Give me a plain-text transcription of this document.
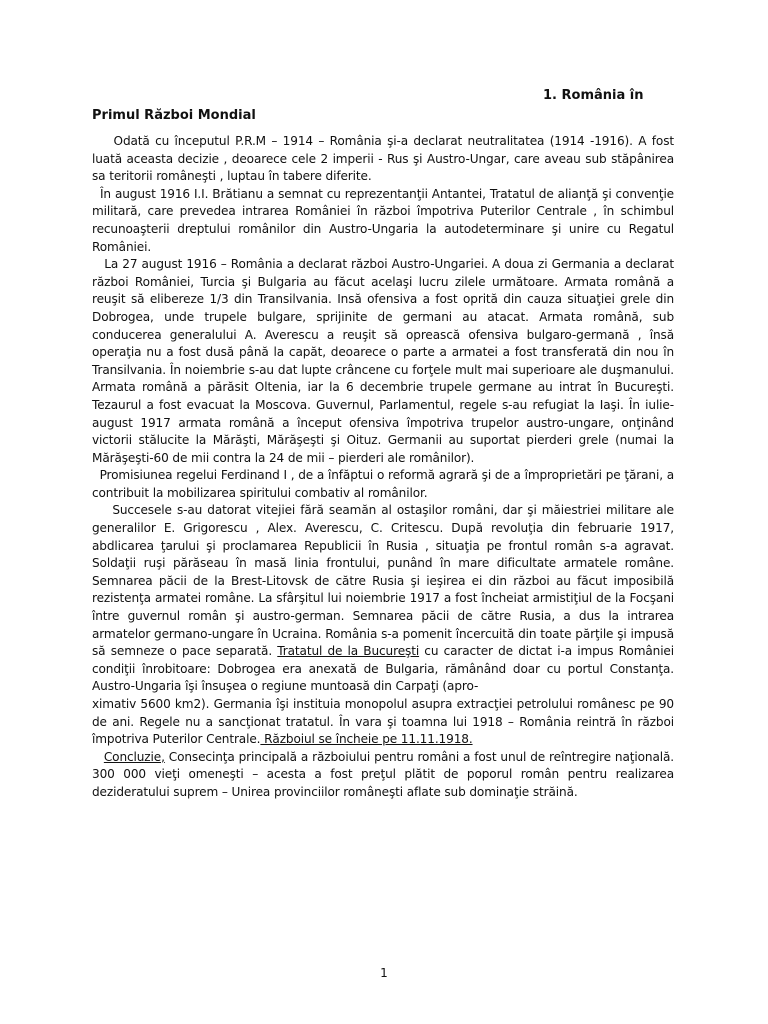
1. România în
Primul Război Mondial

Odată cu începutul P.R.M – 1914 – România şi-a declarat neutralitatea (1914 -1916). A fost luată aceasta decizie , deoarece cele 2 imperii - Rus şi Austro-Ungar, care aveau sub stăpânirea sa teritorii româneşti , luptau în tabere diferite.

În august 1916 I.I. Brătianu a semnat cu reprezentanţii Antantei, Tratatul de alianţă şi convenţie militară, care prevedea intrarea României în război împotriva Puterilor Centrale , în schimbul recunoaşterii dreptului românilor din Austro-Ungaria la autodeterminare şi unire cu Regatul României.

La 27 august 1916 – România a declarat război Austro-Ungariei. A doua zi Germania a declarat război României, Turcia şi Bulgaria au făcut acelaşi lucru zilele următoare. Armata română a reuşit să elibereze 1/3 din Transilvania. Insă ofensiva a fost oprită din cauza situaţiei grele din Dobrogea, unde trupele bulgare, sprijinite de germani au atacat. Armata română, sub conducerea generalului A. Averescu a reuşit să oprească ofensiva bulgaro-germană , însă operaţia nu a fost dusă până la capăt, deoarece o parte a armatei a fost transferată din nou în Transilvania. În noiembrie s-au dat lupte crâncene cu forţele mult mai superioare ale duşmanului. Armata română a părăsit Oltenia, iar la 6 decembrie trupele germane au intrat în Bucureşti. Tezaurul a fost evacuat la Moscova. Guvernul, Parlamentul, regele s-au refugiat la Iaşi. În iulie-august 1917 armata română a început ofensiva împotriva trupelor austro-ungare, onţinând victorii stălucite la Mărăşti, Mărăşeşti şi Oituz. Germanii au suportat pierderi grele (numai la Mărăşeşti-60 de mii contra la 24 de mii – pierderi ale românilor).

Promisiunea regelui Ferdinand I , de a înfăptui o reformă agrară şi de a împroprietări pe ţărani, a contribuit la mobilizarea spiritului combativ al românilor.

Succesele s-au datorat vitejiei fără seamăn al ostaşilor români, dar şi măiestriei militare ale generalilor E. Grigorescu , Alex. Averescu, C. Critescu. După revoluţia din februarie 1917, abdlicarea ţarului şi proclamarea Republicii în Rusia , situaţia pe frontul român s-a agravat. Soldaţii ruşi părăseau în masă linia frontului, punând în mare dificultate armatele române. Semnarea păcii de la Brest-Litovsk de către Rusia şi ieşirea ei din război au făcut imposibilă rezistenţa armatei române. La sfârşitul lui noiembrie 1917 a fost încheiat armistiţiul de la Focşani între guvernul român şi austro-german. Semnarea păcii de către Rusia, a dus la intrarea armatelor germano-ungare în Ucraina. România s-a pomenit încercuită din toate părţile şi impusă să semneze o pace separată. Tratatul de la Bucureşti cu caracter de dictat i-a impus României condiţii înrobitoare: Dobrogea era anexată de Bulgaria, rămânând doar cu portul Constanţa. Austro-Ungaria îşi însuşea o regiune muntoasă din Carpaţi (apro-
ximativ 5600 km2). Germania îşi instituia monopolul asupra extracţiei petrolului românesc pe 90 de ani. Regele nu a sancţionat tratatul. În vara şi toamna lui 1918 – România reintră în război împotriva Puterilor Centrale. Războiul se încheie pe 11.11.1918.

Concluzie, Consecinţa principală a războiului pentru români a fost unul de reîntregire naţională. 300 000 vieţi omeneşti – acesta a fost preţul plătit de poporul român pentru realizarea dezideratului suprem – Unirea provinciilor româneşti aflate sub dominaţie străină.

1
